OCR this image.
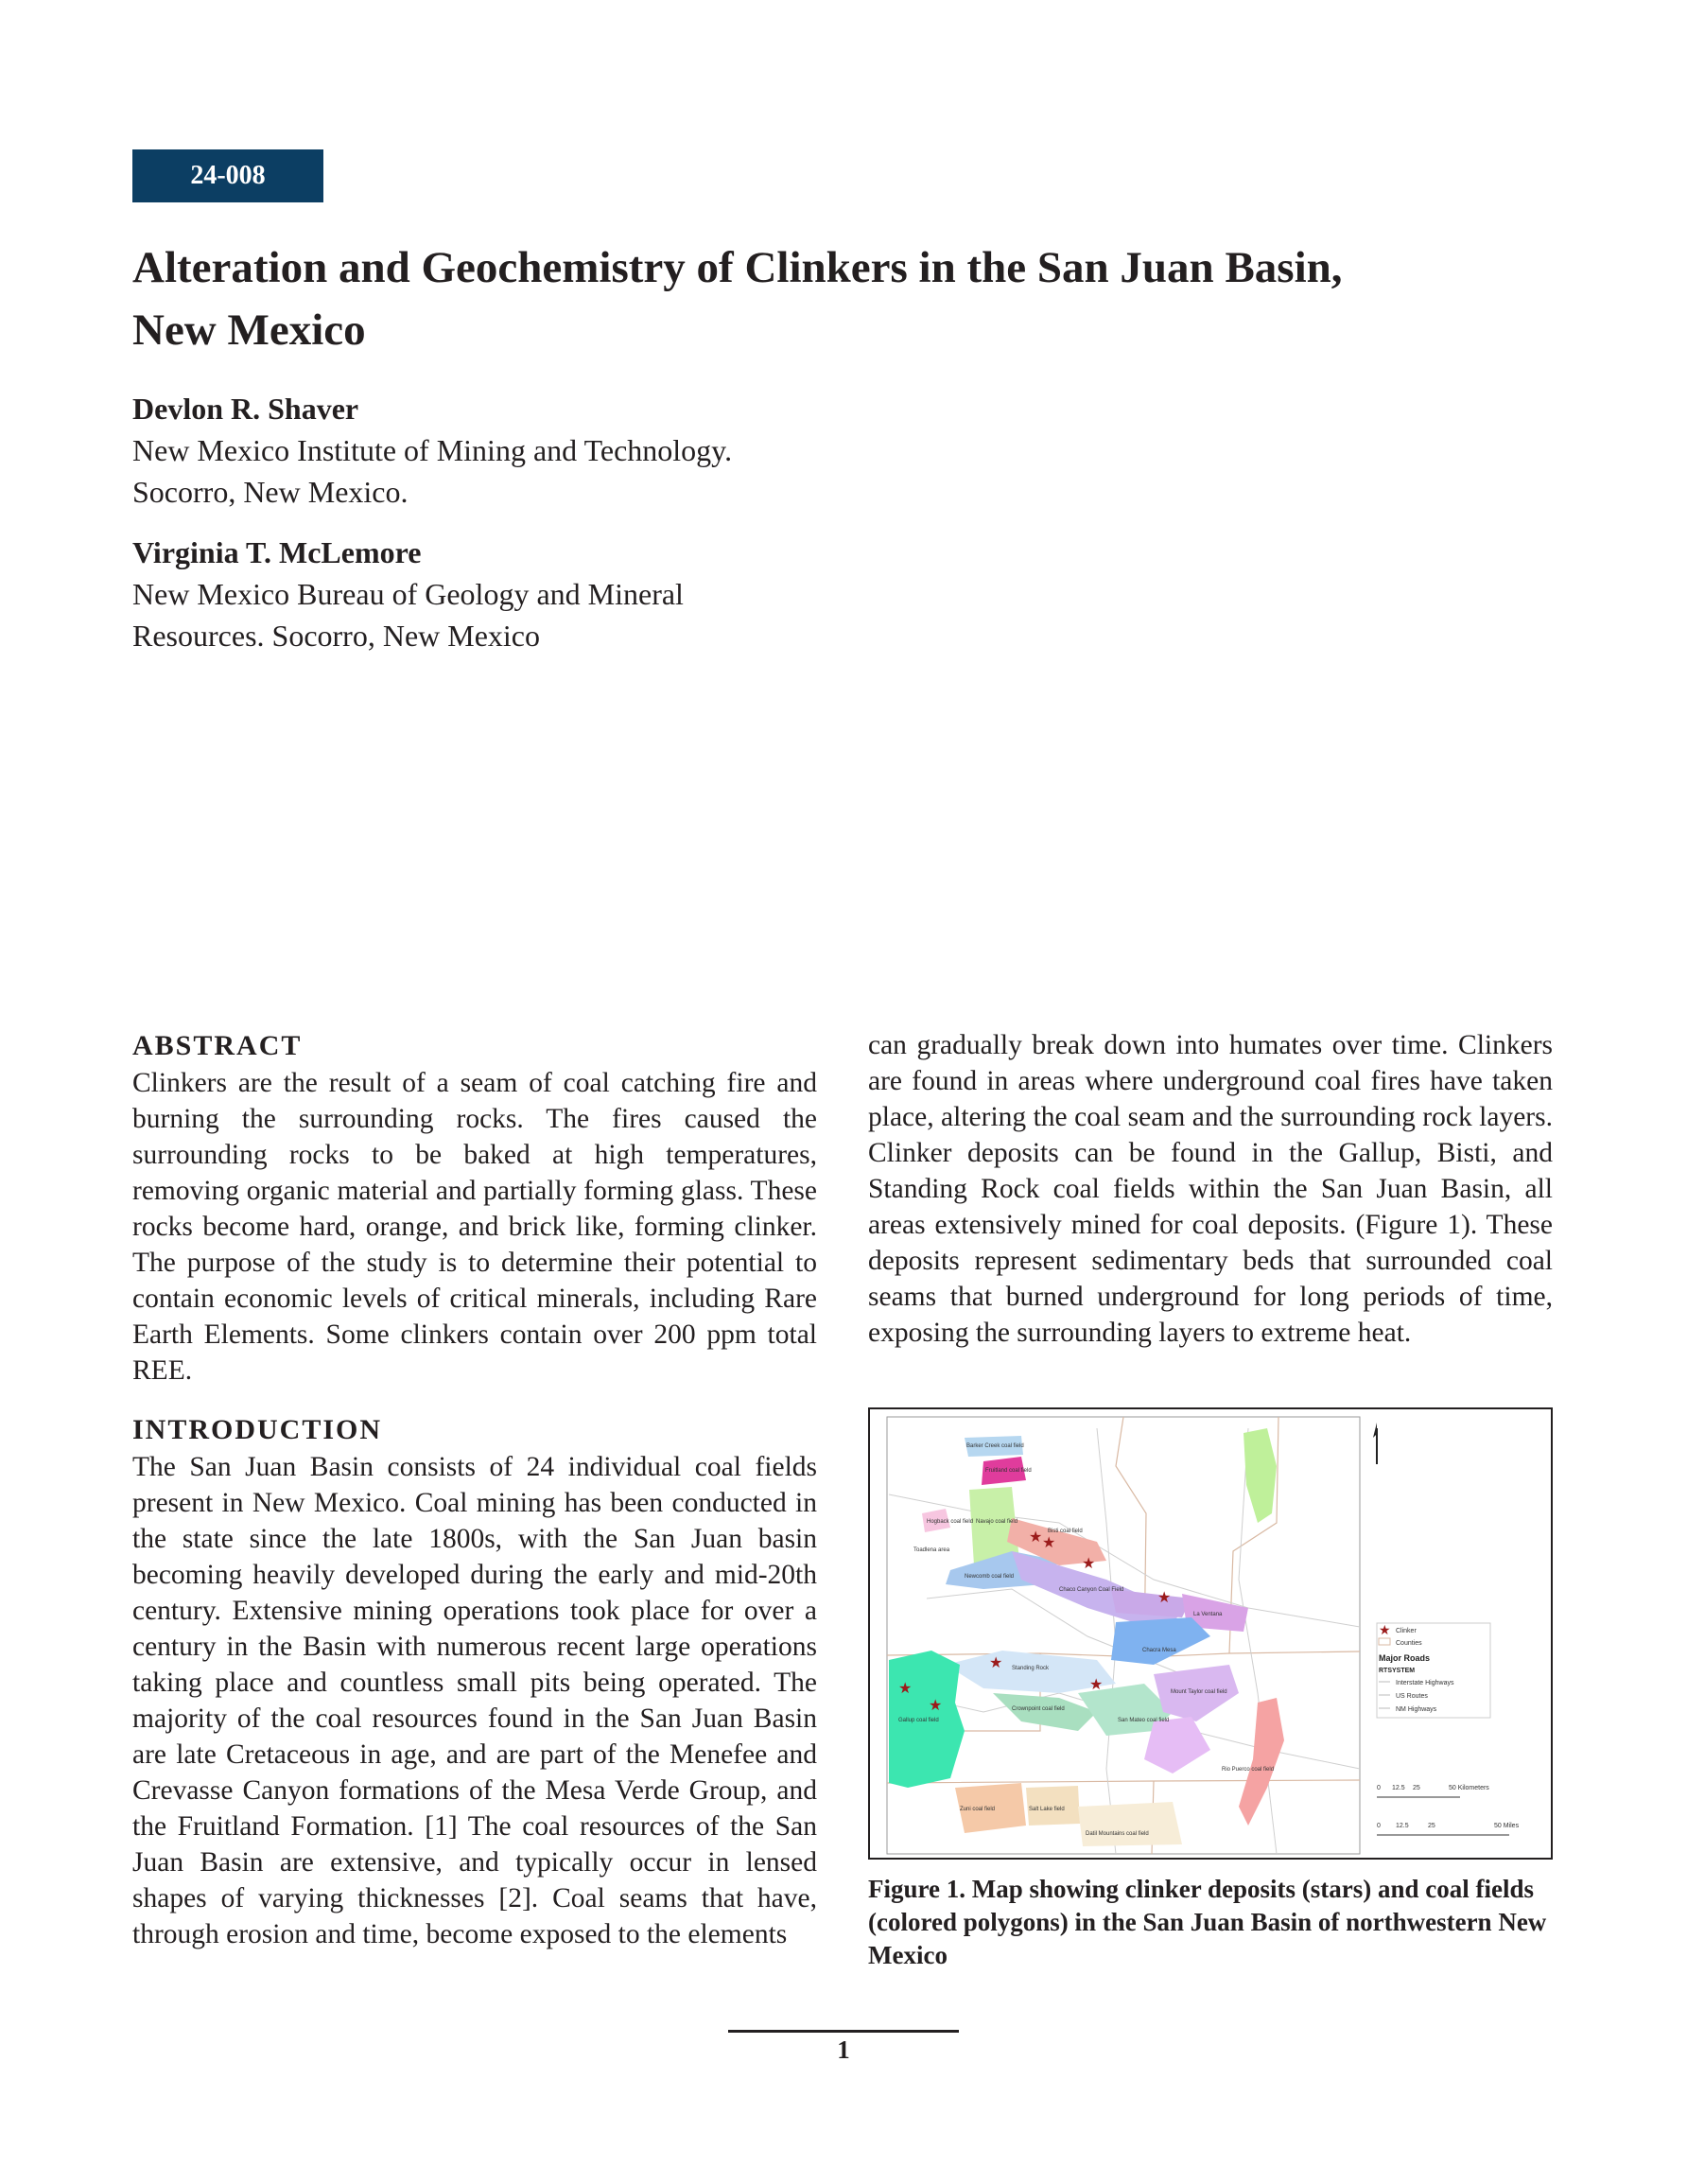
24-008
Alteration and Geochemistry of Clinkers in the San Juan Basin,
New Mexico
Devlon R. Shaver
New Mexico Institute of Mining and Technology.
Socorro, New Mexico.
Virginia T. McLemore
New Mexico Bureau of Geology and Mineral
Resources. Socorro, New Mexico
ABSTRACT

Clinkers are the result of a seam of coal catching fire and burning the surrounding rocks. The fires caused the surrounding rocks to be baked at high temperatures, removing organic material and partially forming glass. These rocks become hard, orange, and brick like, forming clinker. The purpose of the study is to determine their potential to contain economic levels of critical minerals, including Rare Earth Elements. Some clinkers contain over 200 ppm total REE.

INTRODUCTION

The San Juan Basin consists of 24 individual coal fields present in New Mexico. Coal mining has been conducted in the state since the late 1800s, with the San Juan basin becoming heavily developed during the early and mid-20th century. Extensive mining operations took place for over a century in the Basin with numerous recent large operations taking place and countless small pits being operated. The majority of the coal resources found in the San Juan Basin are late Cretaceous in age, and are part of the Menefee and Crevasse Canyon formations of the Mesa Verde Group, and the Fruitland Formation. [1] The coal resources of the San Juan Basin are extensive, and typically occur in lensed shapes of varying thicknesses [2]. Coal seams that have, through erosion and time, become exposed to the elements

can gradually break down into humates over time. Clinkers are found in areas where underground coal fires have taken place, altering the coal seam and the surrounding rock layers. Clinker deposits can be found in the Gallup, Bisti, and Standing Rock coal fields within the San Juan Basin, all areas extensively mined for coal deposits. (Figure 1). These deposits represent sedimentary beds that surrounded coal seams that burned underground for long periods of time, exposing the surrounding layers to extreme heat.

★ ★
★
★
★
★
★
★
Barker Creek coal field
Fruitland coal field
Hogback coal field Navajo coal field
Toadlena area
Newcomb coal field
Bisti coal field
Chaco Canyon Coal Field
Standing Rock
Gallup coal field
Crownpoint coal field
Chacra Mesa
La Ventana
San Mateo coal field
Mount Taylor coal field
Rio Puerco coal field
Zuni coal field	Salt Lake field
Datil Mountains coal field
★ Clinker
Counties
Major Roads
RTSYSTEM
Interstate Highways
US Routes
NM Highways
0 12.5 25	50 Kilometers
0 12.5	25	50 Miles
Figure 1. Map showing clinker deposits (stars) and coal fields (colored polygons) in the San Juan Basin of northwestern New Mexico
1
